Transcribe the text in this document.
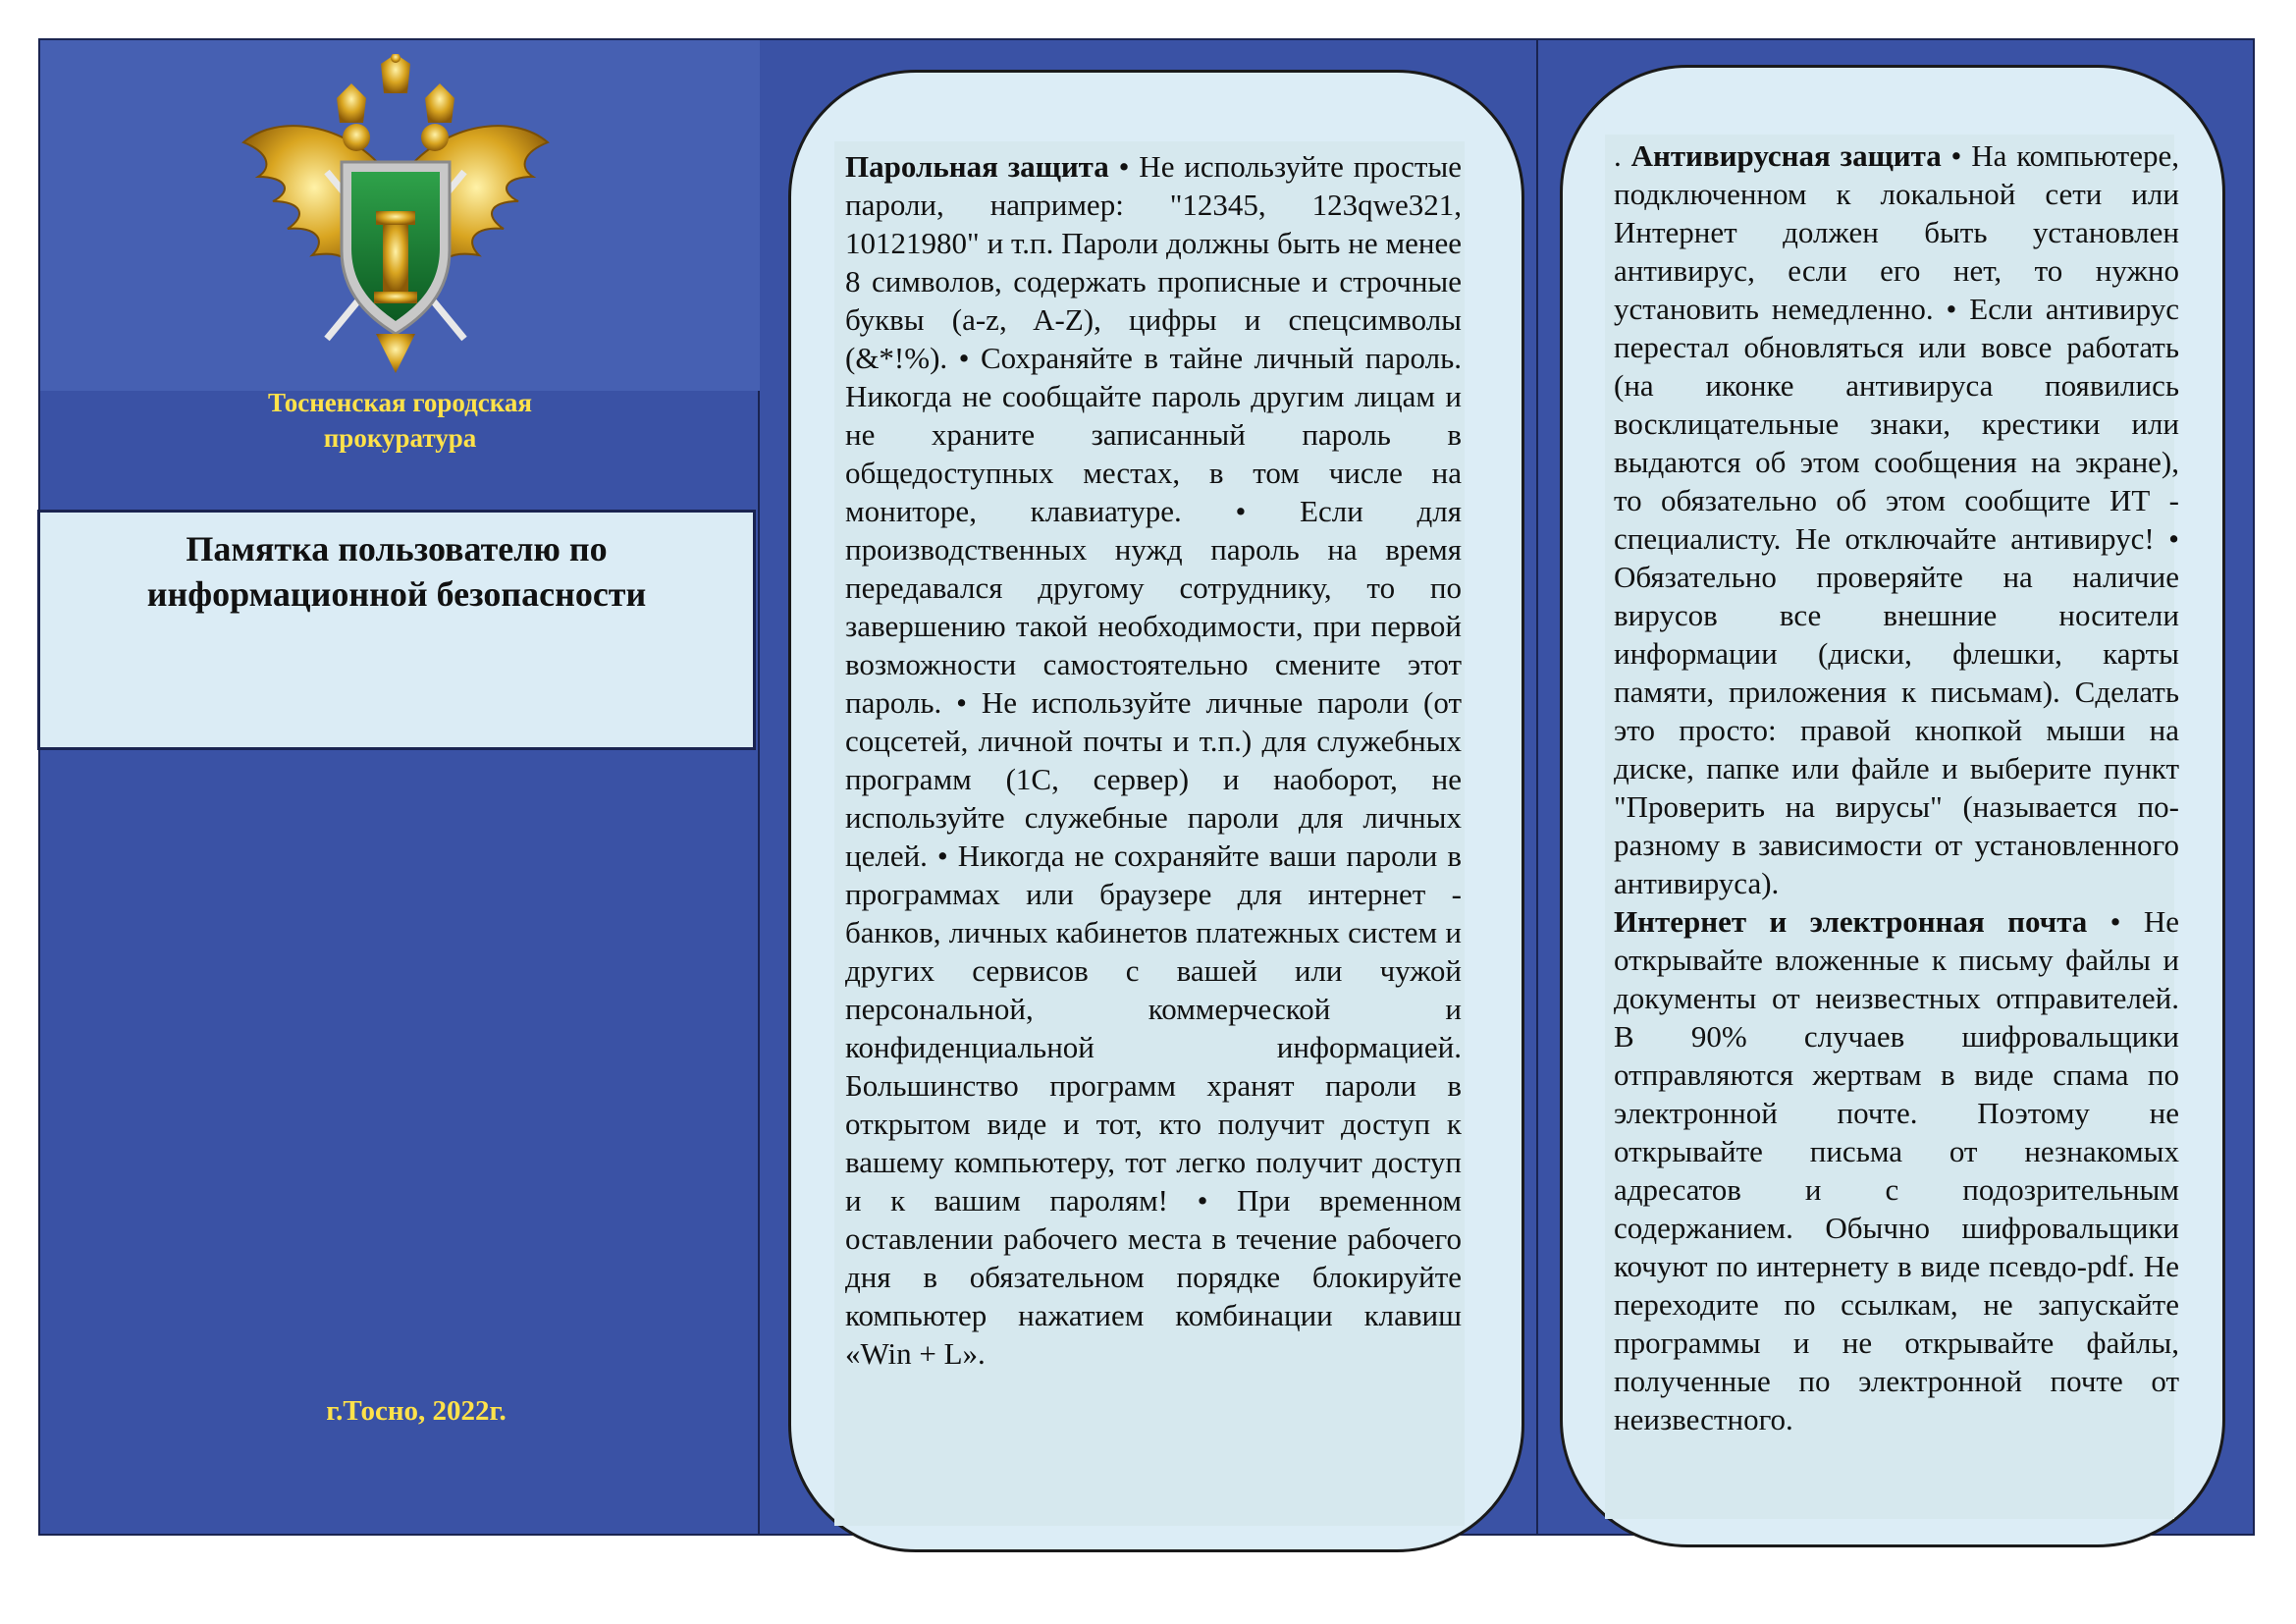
Тосненская городская
прокуратура
Памятка пользователю по
информационной безопасности
г.Тосно, 2022г.

Парольная защита • Не используйте простые пароли, например: "12345, 123qwe321, 10121980" и т.п. Пароли должны быть не менее 8 символов, содержать прописные и строчные буквы (a-z, A-Z), цифры и спецсимволы (&*!%). • Сохраняйте в тайне личный пароль. Никогда не сообщайте пароль другим лицам и не храните записанный пароль в общедоступных местах, в том числе на мониторе, клавиатуре. • Если для производственных нужд пароль на время передавался другому сотруднику, то по завершению такой необходимости, при первой возможности самостоятельно смените этот пароль. • Не используйте личные пароли (от соцсетей, личной почты и т.п.) для служебных программ (1С, сервер) и наоборот, не используйте служебные пароли для личных целей. • Никогда не сохраняйте ваши пароли в программах или браузере для интернет - банков, личных кабинетов платежных систем и других сервисов с вашей или чужой персональной, коммерческой и конфиденциальной информацией. Большинство программ хранят пароли в открытом виде и тот, кто получит доступ к вашему компьютеру, тот легко получит доступ и к вашим паролям! • При временном оставлении рабочего места в течение рабочего дня в обязательном порядке блокируйте компьютер нажатием комбинации клавиш «Win + L».

. Антивирусная защита • На компьютере, подключенном к локальной сети или Интернет должен быть установлен антивирус, если его нет, то нужно установить немедленно. • Если антивирус перестал обновляться или вовсе работать (на иконке антивируса появились восклицательные знаки, крестики или выдаются об этом сообщения на экране), то обязательно об этом сообщите ИТ - специалисту. Не отключайте антивирус! • Обязательно проверяйте на наличие вирусов все внешние носители информации (диски, флешки, карты памяти, приложения к письмам). Сделать это просто: правой кнопкой мыши на диске, папке или файле и выберите пункт "Проверить на вирусы" (называется по-разному в зависимости от установленного антивируса).

Интернет и электронная почта • Не открывайте вложенные к письму файлы и документы от неизвестных отправителей. В 90% случаев шифровальщики отправляются жертвам в виде спама по электронной почте. Поэтому не открывайте письма от незнакомых адресатов и с подозрительным содержанием. Обычно шифровальщики кочуют по интернету в виде псевдо-pdf. Не переходите по ссылкам, не запускайте программы и не открывайте файлы, полученные по электронной почте от неизвестного.
